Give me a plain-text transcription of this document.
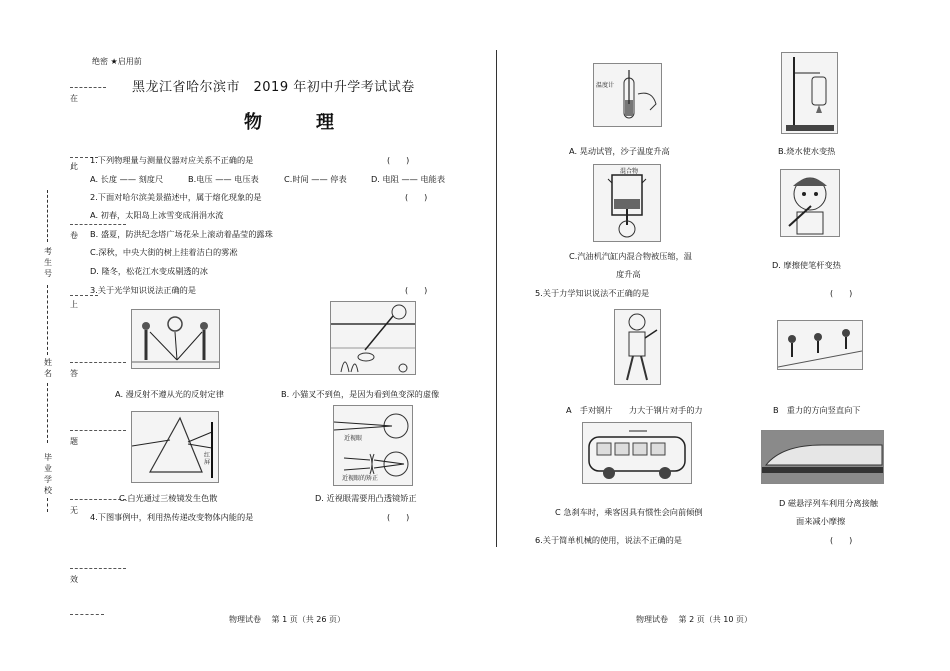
绝密 ★启用前
在
此
卷
上
答
题
无
效
考生号
姓名
毕业学校
黑龙江省哈尔滨市　2019 年初中升学考试试卷
物　理
1.下列物理量与测量仪器对应关系不正确的是	(　　)
A. 长度 —— 刻度尺	B.电压 —— 电压表	C.时间 —— 停表	D. 电阻 —— 电能表
2.下面对哈尔滨美景描述中，属于熔化现象的是	(　　)
A. 初春，太阳岛上冰雪变成涓涓水流
B. 盛夏，防洪纪念塔广场花朵上滚动着晶莹的露珠
C.深秋，中央大街的树上挂着洁白的雾凇
D. 隆冬，松花江水变成剔透的冰
3.关于光学知识说法正确的是	(　　)
A. 漫反射不遵从光的反射定律	B. 小猫叉不到鱼，是因为看到鱼变深的虚像
红屏
近视眼
近视眼的矫正
C.白光通过三棱镜发生色散	D. 近视眼需要用凸透镜矫正
4.下图事例中，利用热传递改变物体内能的是	(　　)
物理试卷　 第 1 页（共 26 页）
温度计
A. 晃动试管，沙子温度升高	B.烧水使水变热
混合物
C.汽油机汽缸内混合物被压缩，温
度升高
D. 摩擦使笔杆变热
5.关于力学知识说法不正确的是	(　　)
A　手对钢片　　力大于钢片对手的力	B　重力的方向竖直向下
C 急刹车时，乘客因具有惯性会向前倾倒
D 磁悬浮列车利用分离接触
面来减小摩擦
6.关于简单机械的使用，说法不正确的是	(　　)
物理试卷　 第 2 页（共 10 页）
